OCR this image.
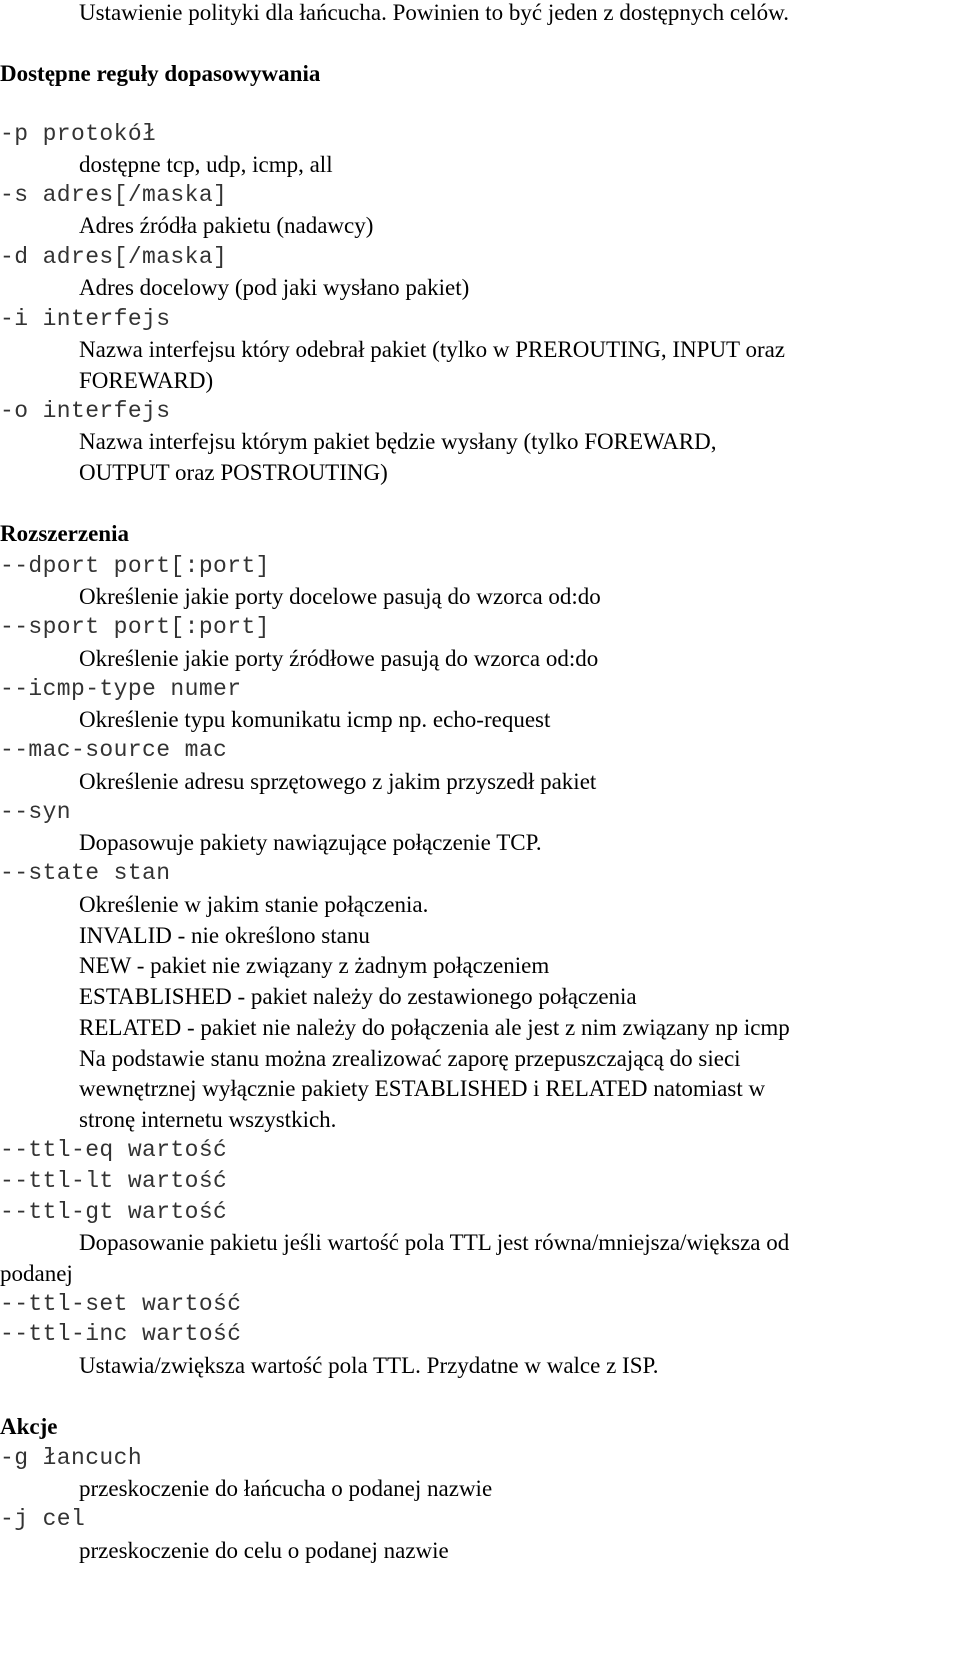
Ustawienie polityki dla łańcucha. Powinien to być jeden z dostępnych celów.
Dostępne reguły dopasowywania
-p protokół
dostępne tcp, udp, icmp, all
-s adres[/maska]
Adres źródła pakietu (nadawcy)
-d adres[/maska]
Adres docelowy (pod jaki wysłano pakiet)
-i interfejs
Nazwa interfejsu który odebrał pakiet (tylko w PREROUTING, INPUT oraz
FOREWARD)
-o interfejs
Nazwa interfejsu którym pakiet będzie wysłany (tylko FOREWARD,
OUTPUT oraz POSTROUTING)
Rozszerzenia
--dport port[:port]
Określenie jakie porty docelowe pasują do wzorca od:do
--sport port[:port]
Określenie jakie porty źródłowe pasują do wzorca od:do
--icmp-type numer
Określenie typu komunikatu icmp np. echo-request
--mac-source mac
Określenie adresu sprzętowego z jakim przyszedł pakiet
--syn
Dopasowuje pakiety nawiązujące połączenie TCP.
--state stan
Określenie w jakim stanie połączenia.
INVALID - nie określono stanu
NEW - pakiet nie związany z żadnym połączeniem
ESTABLISHED - pakiet należy do zestawionego połączenia
RELATED - pakiet nie należy do połączenia ale jest z nim związany np icmp
Na podstawie stanu można zrealizować zaporę przepuszczającą do sieci
wewnętrznej wyłącznie pakiety ESTABLISHED i RELATED natomiast w
stronę internetu wszystkich.
--ttl-eq wartość
--ttl-lt wartość
--ttl-gt wartość
Dopasowanie pakietu jeśli wartość pola TTL jest równa/mniejsza/większa od
podanej
--ttl-set wartość
--ttl-inc wartość
Ustawia/zwiększa wartość pola TTL. Przydatne w walce z ISP.
Akcje
-g łancuch
przeskoczenie do łańcucha o podanej nazwie
-j cel
przeskoczenie do celu o podanej nazwie
